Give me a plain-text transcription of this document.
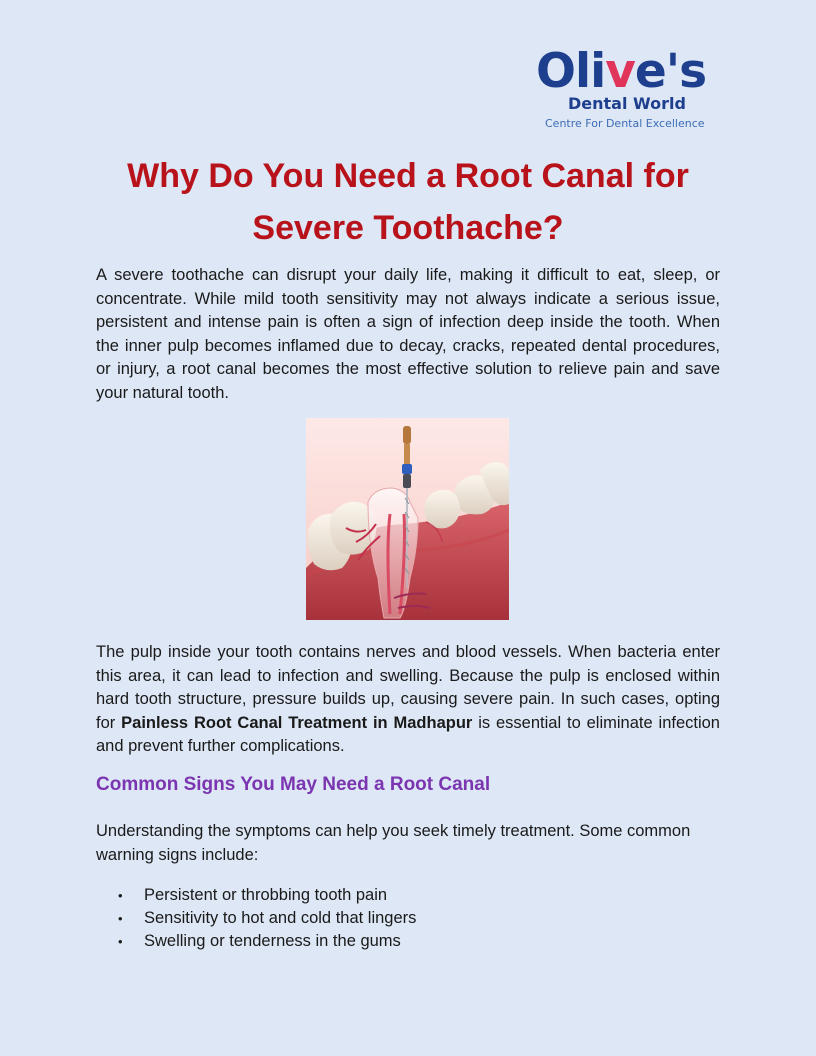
Olive's
Dental World
Centre For Dental Excellence
Why Do You Need a Root Canal for Severe Toothache?

A severe toothache can disrupt your daily life, making it difficult to eat, sleep, or concentrate. While mild tooth sensitivity may not always indicate a serious issue, persistent and intense pain is often a sign of infection deep inside the tooth. When the inner pulp becomes inflamed due to decay, cracks, repeated dental procedures, or injury, a root canal becomes the most effective solution to relieve pain and save your natural tooth.

The pulp inside your tooth contains nerves and blood vessels. When bacteria enter this area, it can lead to infection and swelling. Because the pulp is enclosed within hard tooth structure, pressure builds up, causing severe pain. In such cases, opting for Painless Root Canal Treatment in Madhapur is essential to eliminate infection and prevent further complications.

Common Signs You May Need a Root Canal

Understanding the symptoms can help you seek timely treatment. Some common warning signs include:

• Persistent or throbbing tooth pain
• Sensitivity to hot and cold that lingers
• Swelling or tenderness in the gums
